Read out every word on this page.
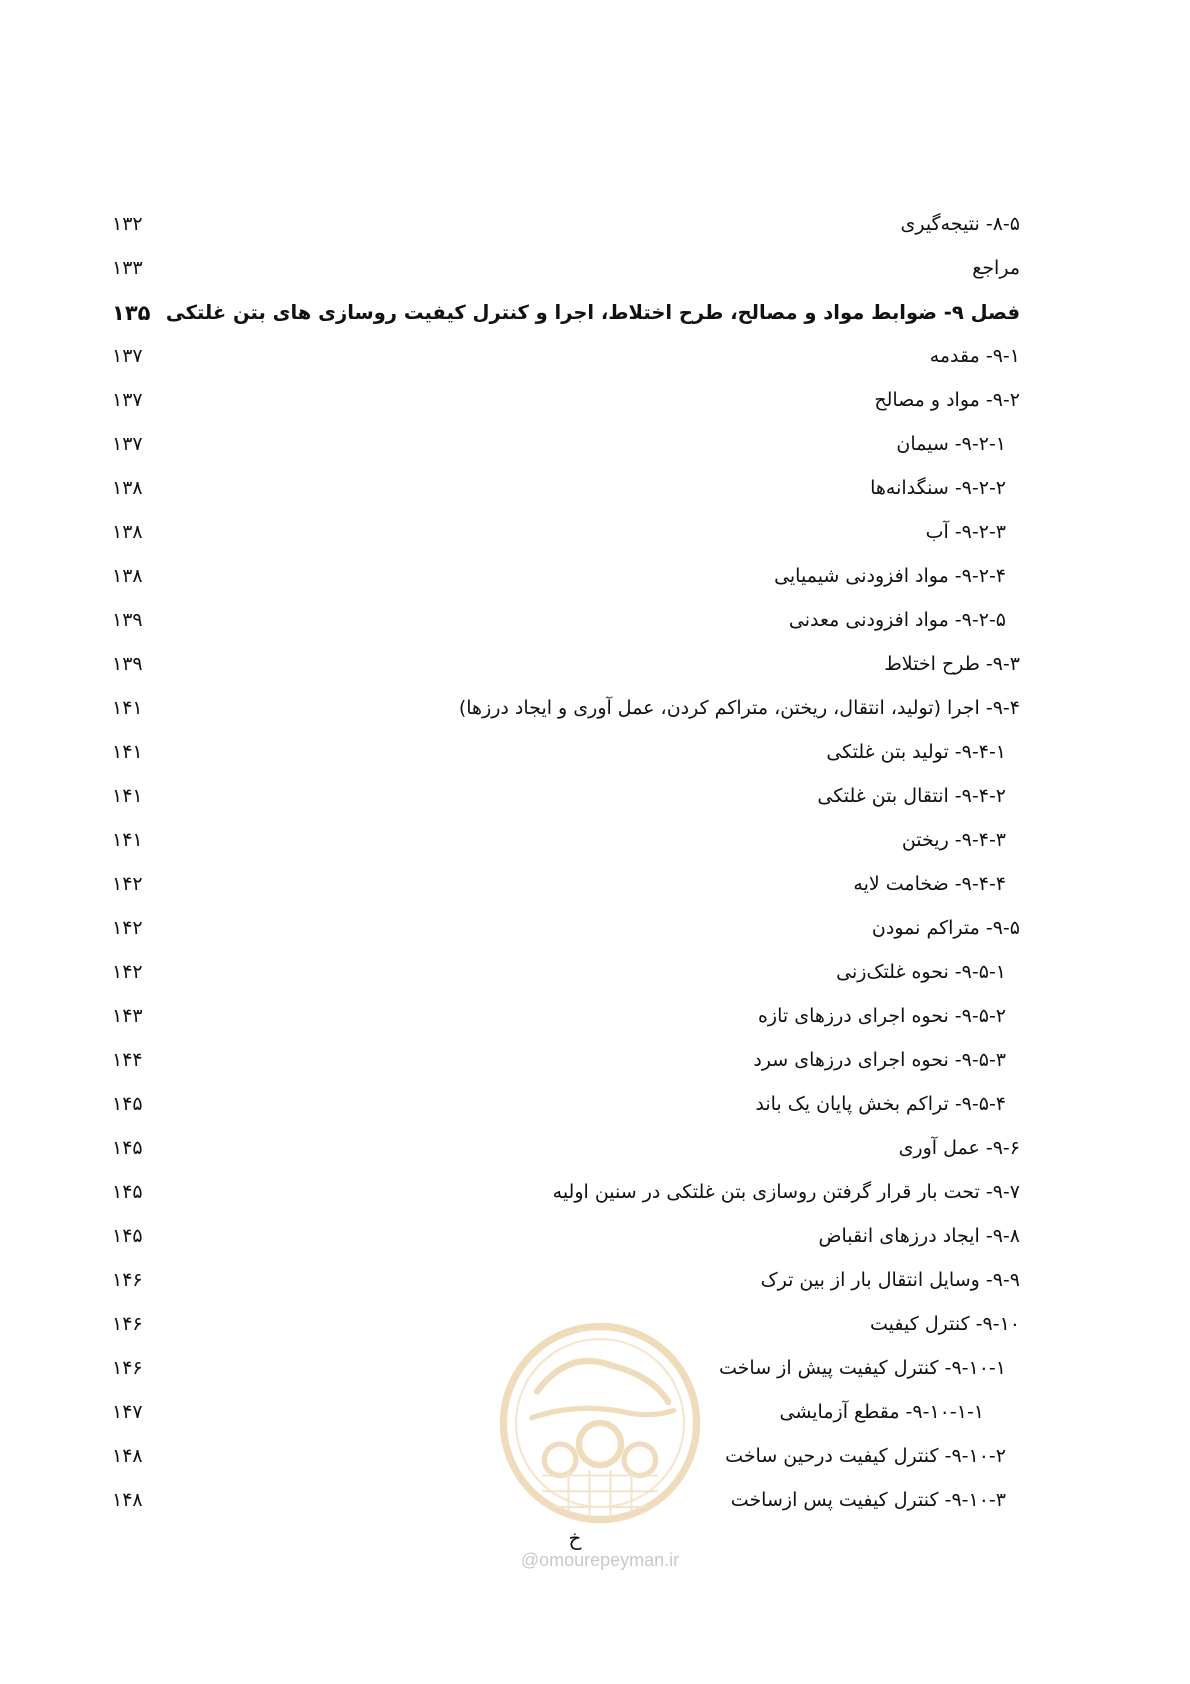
۸-۵- نتیجه‌گیری
۱۳۲
مراجع
۱۳۳
فصل ۹- ضوابط مواد و مصالح، طرح اختلاط، اجرا و کنترل کیفیت روسازی های بتن غلتکی
۱۳۵
۹-۱- مقدمه
۱۳۷
۹-۲- مواد و مصالح
۱۳۷
۹-۲-۱- سیمان
۱۳۷
۹-۲-۲- سنگدانه‌ها
۱۳۸
۹-۲-۳- آب
۱۳۸
۹-۲-۴- مواد افزودنی شیمیایی
۱۳۸
۹-۲-۵- مواد افزودنی معدنی
۱۳۹
۹-۳- طرح اختلاط
۱۳۹
۹-۴- اجرا (تولید، انتقال، ریختن، متراکم کردن، عمل آوری و ایجاد درزها)
۱۴۱
۹-۴-۱- تولید بتن غلتکی
۱۴۱
۹-۴-۲- انتقال بتن غلتکی
۱۴۱
۹-۴-۳- ریختن
۱۴۱
۹-۴-۴- ضخامت لایه
۱۴۲
۹-۵- متراکم نمودن
۱۴۲
۹-۵-۱- نحوه غلتک‌زنی
۱۴۲
۹-۵-۲- نحوه اجرای درزهای تازه
۱۴۳
۹-۵-۳- نحوه اجرای درزهای سرد
۱۴۴
۹-۵-۴- تراکم بخش پایان یک باند
۱۴۵
۹-۶- عمل آوری
۱۴۵
۹-۷- تحت بار قرار گرفتن روسازی بتن غلتکی در سنین اولیه
۱۴۵
۹-۸- ایجاد درزهای انقباض
۱۴۵
۹-۹- وسایل انتقال بار از بین ترک
۱۴۶
۹-۱۰- کنترل کیفیت
۱۴۶
۹-۱۰-۱- کنترل کیفیت پیش از ساخت
۱۴۶
۹-۱۰-۱-۱- مقطع آزمایشی
۱۴۷
۹-۱۰-۲- کنترل کیفیت درحین ساخت
۱۴۸
۹-۱۰-۳- کنترل کیفیت پس ازساخت
۱۴۸
خ
@omourepeyman.ir
